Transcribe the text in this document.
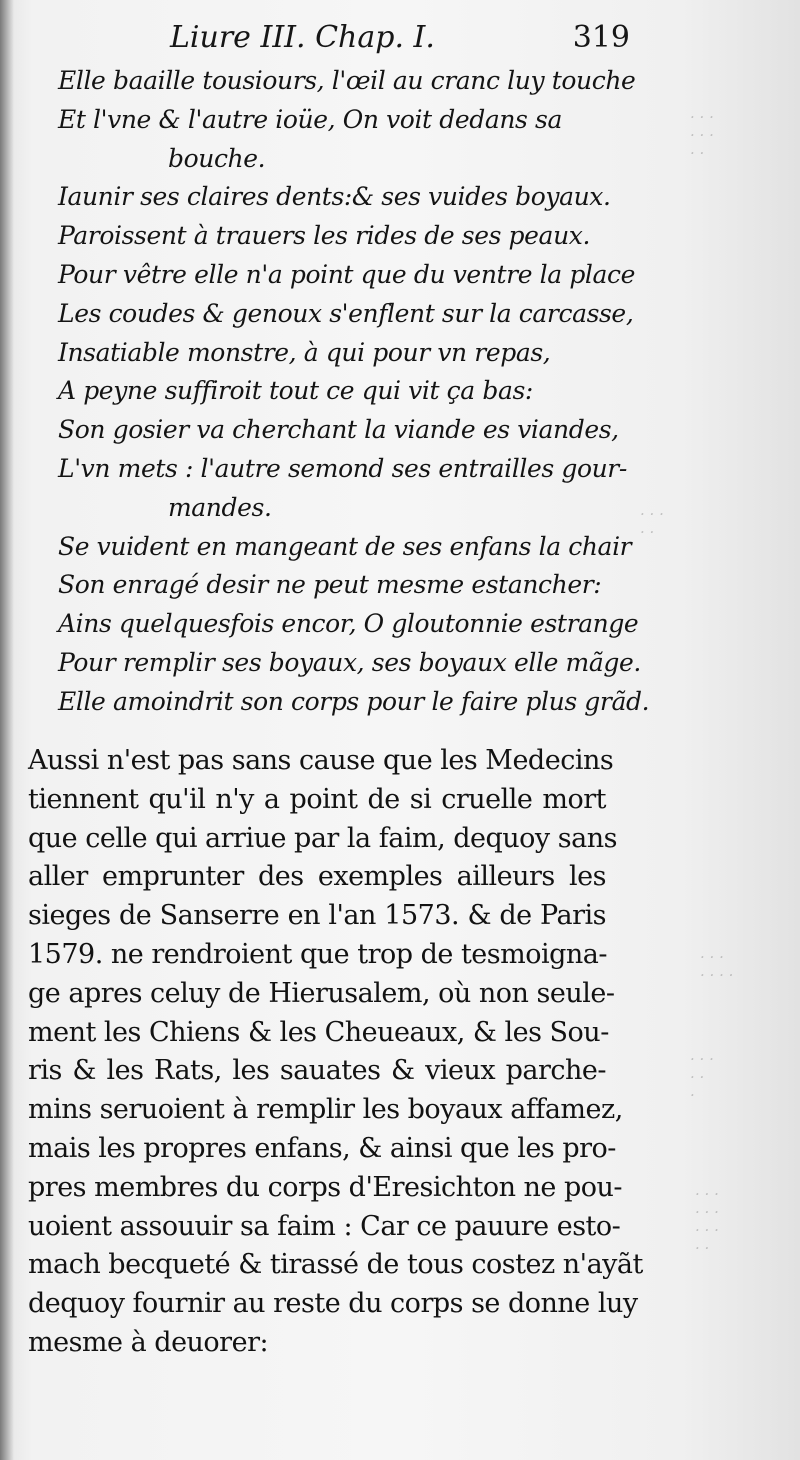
· · ·
· · ·
· ·
· · ·
· ·
· · ·
· · · ·
· · ·
· ·
·
· · ·
· · ·
· · ·
· ·
Liure III. Chap. I.	319
Elle baaille tousiours, l'œil au cranc luy touche
Et l'vne & l'autre ioüe, On voit dedans sa
bouche.
Iaunir ses claires dents:& ses vuides boyaux.
Paroissent à trauers les rides de ses peaux.
Pour vêtre elle n'a point que du ventre la place
Les coudes & genoux s'enflent sur la carcasse,
Insatiable monstre, à qui pour vn repas,
A peyne suffiroit tout ce qui vit ça bas:
Son gosier va cherchant la viande es viandes,
L'vn mets : l'autre semond ses entrailles gour-
mandes.
Se vuident en mangeant de ses enfans la chair
Son enragé desir ne peut mesme estancher:
Ains quelquesfois encor, O gloutonnie estrange
Pour remplir ses boyaux, ses boyaux elle mãge.
Elle amoindrit son corps pour le faire plus grãd.
Aussi n'est pas sans cause que les Medecins
tiennent qu'il n'y a point de si cruelle mort
que celle qui arriue par la faim, dequoy sans
aller emprunter des exemples ailleurs les
sieges de Sanserre en l'an 1573. & de Paris
1579. ne rendroient que trop de tesmoigna-
ge apres celuy de Hierusalem, où non seule-
ment les Chiens & les Cheueaux, & les Sou-
ris & les Rats, les sauates & vieux parche-
mins seruoient à remplir les boyaux affamez,
mais les propres enfans, & ainsi que les pro-
pres membres du corps d'Eresichton ne pou-
uoient assouuir sa faim : Car ce pauure esto-
mach becqueté & tirassé de tous costez n'ayãt
dequoy fournir au reste du corps se donne luy
mesme à deuorer:
